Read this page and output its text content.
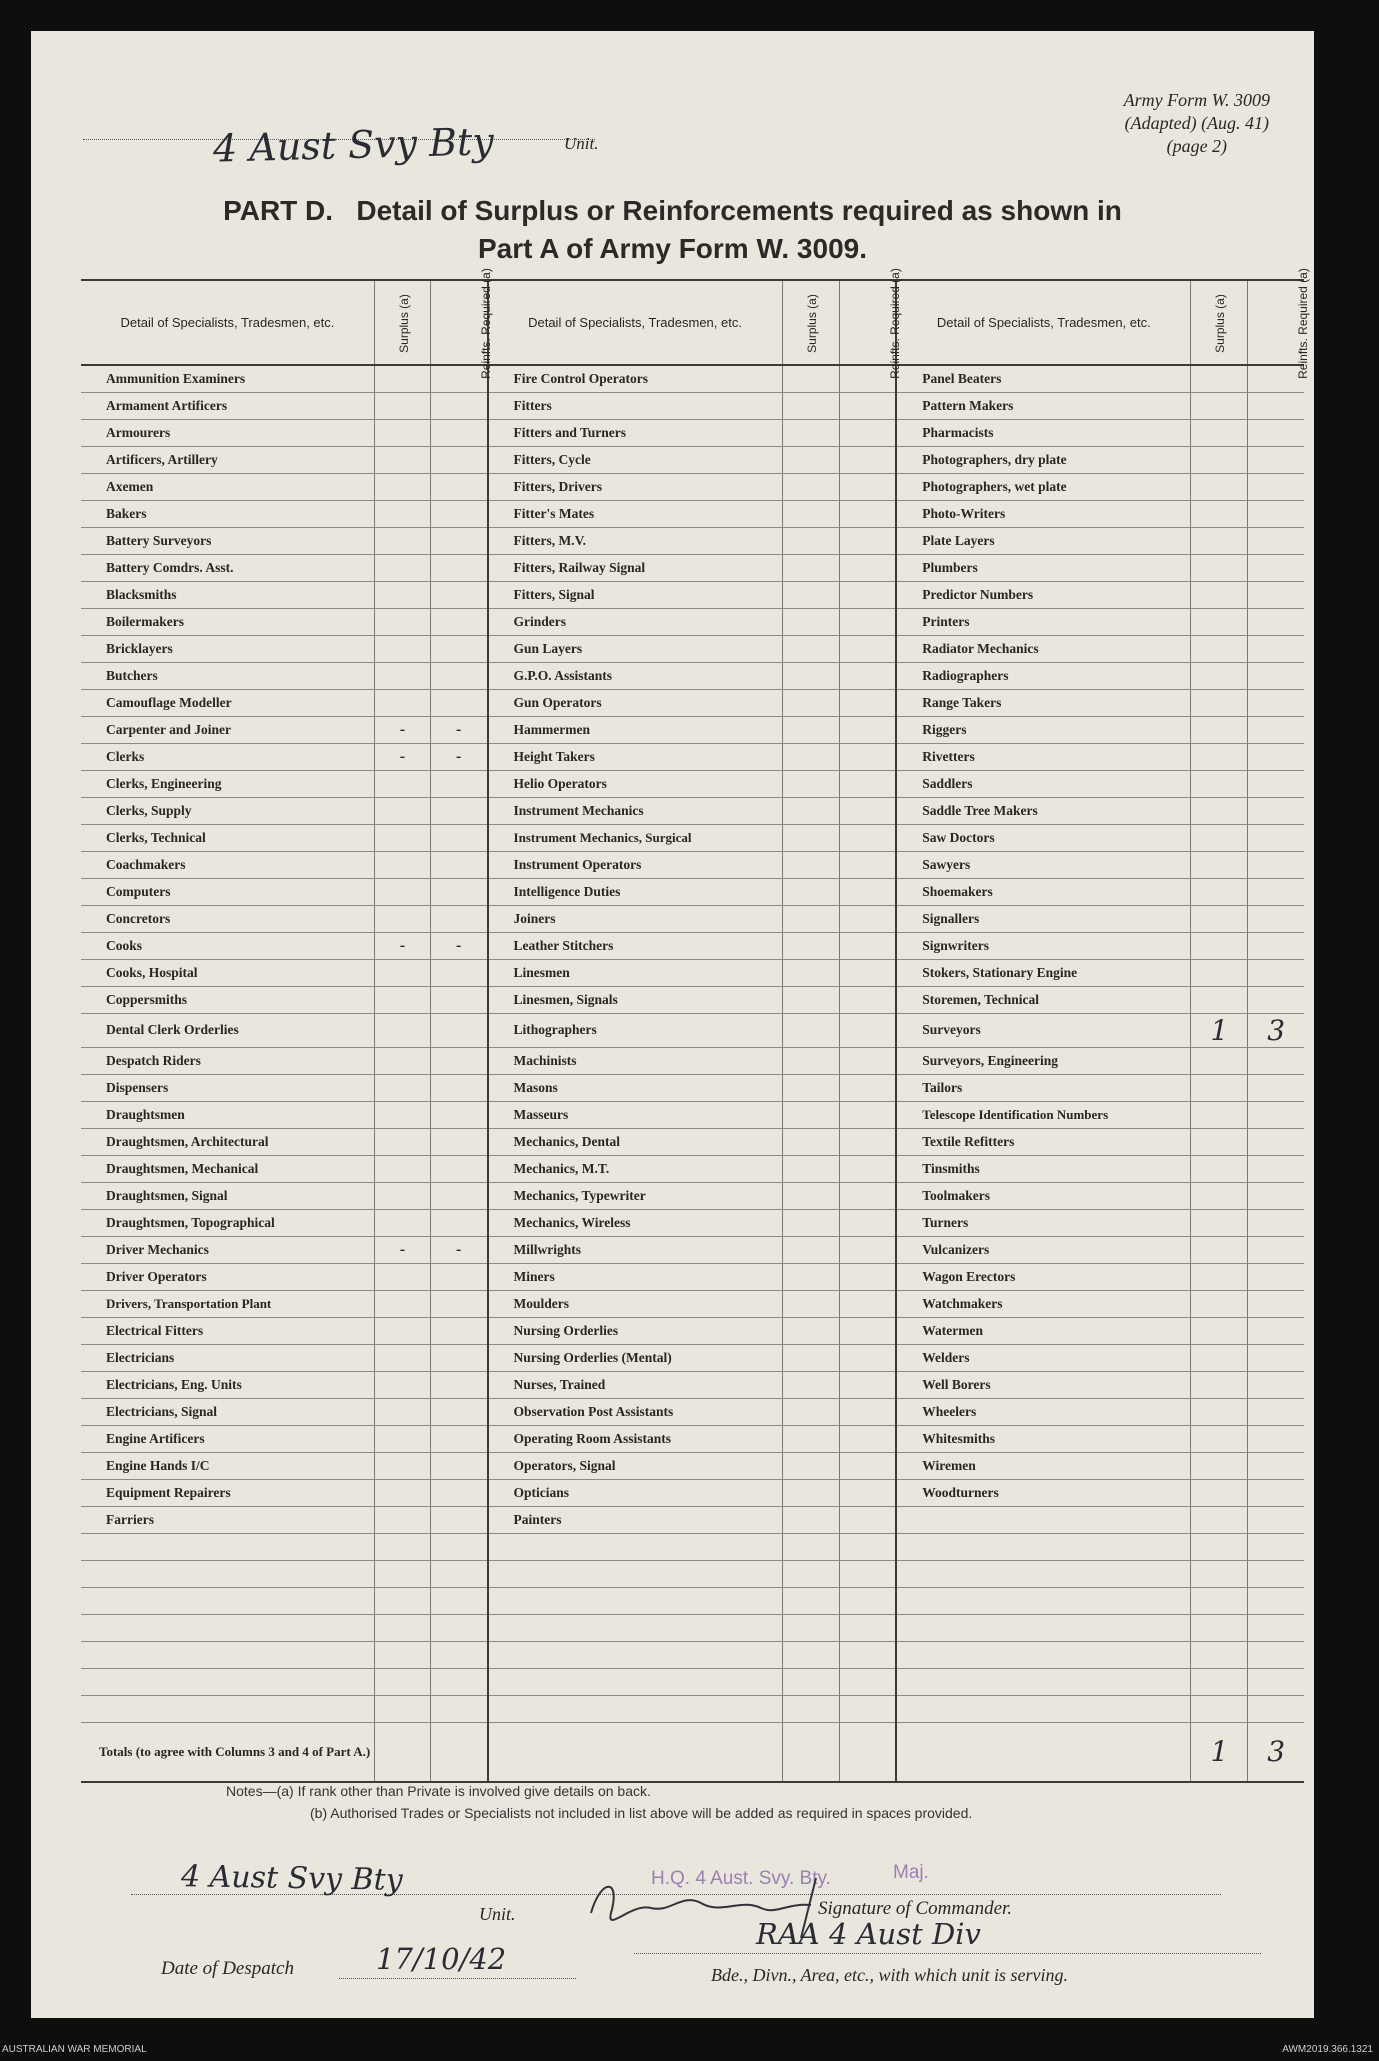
4 Aust Svy Bty	Unit.
Army Form W. 3009
(Adapted) (Aug. 41)
(page 2)
PART D.   Detail of Surplus or Reinforcements required as shown in
Part A of Army Form W. 3009.
Detail of Specialists, Tradesmen, etc.	Surplus (a)	Reinfts. Required (a)	Detail of Specialists, Tradesmen, etc.	Surplus (a)	Reinfts. Required (a)	Detail of Specialists, Tradesmen, etc.	Surplus (a)	Reinfts. Required (a)
Ammunition Examiners			Fire Control Operators			Panel Beaters		
Armament Artificers			Fitters			Pattern Makers		
Armourers			Fitters and Turners			Pharmacists		
Artificers, Artillery			Fitters, Cycle			Photographers, dry plate		
Axemen			Fitters, Drivers			Photographers, wet plate		
Bakers			Fitter's Mates			Photo-Writers		
Battery Surveyors			Fitters, M.V.			Plate Layers		
Battery Comdrs. Asst.			Fitters, Railway Signal			Plumbers		
Blacksmiths			Fitters, Signal			Predictor Numbers		
Boilermakers			Grinders			Printers		
Bricklayers			Gun Layers			Radiator Mechanics		
Butchers			G.P.O. Assistants			Radiographers		
Camouflage Modeller			Gun Operators			Range Takers		
Carpenter and Joiner	-	-	Hammermen			Riggers		
Clerks	-	-	Height Takers			Rivetters		
Clerks, Engineering			Helio Operators			Saddlers		
Clerks, Supply			Instrument Mechanics			Saddle Tree Makers		
Clerks, Technical			Instrument Mechanics, Surgical			Saw Doctors		
Coachmakers			Instrument Operators			Sawyers		
Computers			Intelligence Duties			Shoemakers		
Concretors			Joiners			Signallers		
Cooks	-	-	Leather Stitchers			Signwriters		
Cooks, Hospital			Linesmen			Stokers, Stationary Engine		
Coppersmiths			Linesmen, Signals			Storemen, Technical		
Dental Clerk Orderlies			Lithographers			Surveyors	1	3
Despatch Riders			Machinists			Surveyors, Engineering		
Dispensers			Masons			Tailors		
Draughtsmen			Masseurs			Telescope Identification Numbers		
Draughtsmen, Architectural			Mechanics, Dental			Textile Refitters		
Draughtsmen, Mechanical			Mechanics, M.T.			Tinsmiths		
Draughtsmen, Signal			Mechanics, Typewriter			Toolmakers		
Draughtsmen, Topographical			Mechanics, Wireless			Turners		
Driver Mechanics	-	-	Millwrights			Vulcanizers		
Driver Operators			Miners			Wagon Erectors		
Drivers, Transportation Plant			Moulders			Watchmakers		
Electrical Fitters			Nursing Orderlies			Watermen		
Electricians			Nursing Orderlies (Mental)			Welders		
Electricians, Eng. Units			Nurses, Trained			Well Borers		
Electricians, Signal			Observation Post Assistants			Wheelers		
Engine Artificers			Operating Room Assistants			Whitesmiths		
Engine Hands I/C			Operators, Signal			Wiremen		
Equipment Repairers			Opticians			Woodturners		
Farriers			Painters					

Totals (to agree with Columns 3 and 4 of Part A.)							1	3
Notes—(a) If rank other than Private is involved give details on back.
(b) Authorised Trades or Specialists not included in list above will be added as required in spaces provided.
4 Aust Svy Bty
Unit.
H.Q. 4 Aust. Svy. Bty.	Maj.
Signature of Commander.
Date of Despatch	17/10/42
RAA 4 Aust Div
Bde., Divn., Area, etc., with which unit is serving.
AUSTRALIAN WAR MEMORIAL	AWM2019.366.1321
